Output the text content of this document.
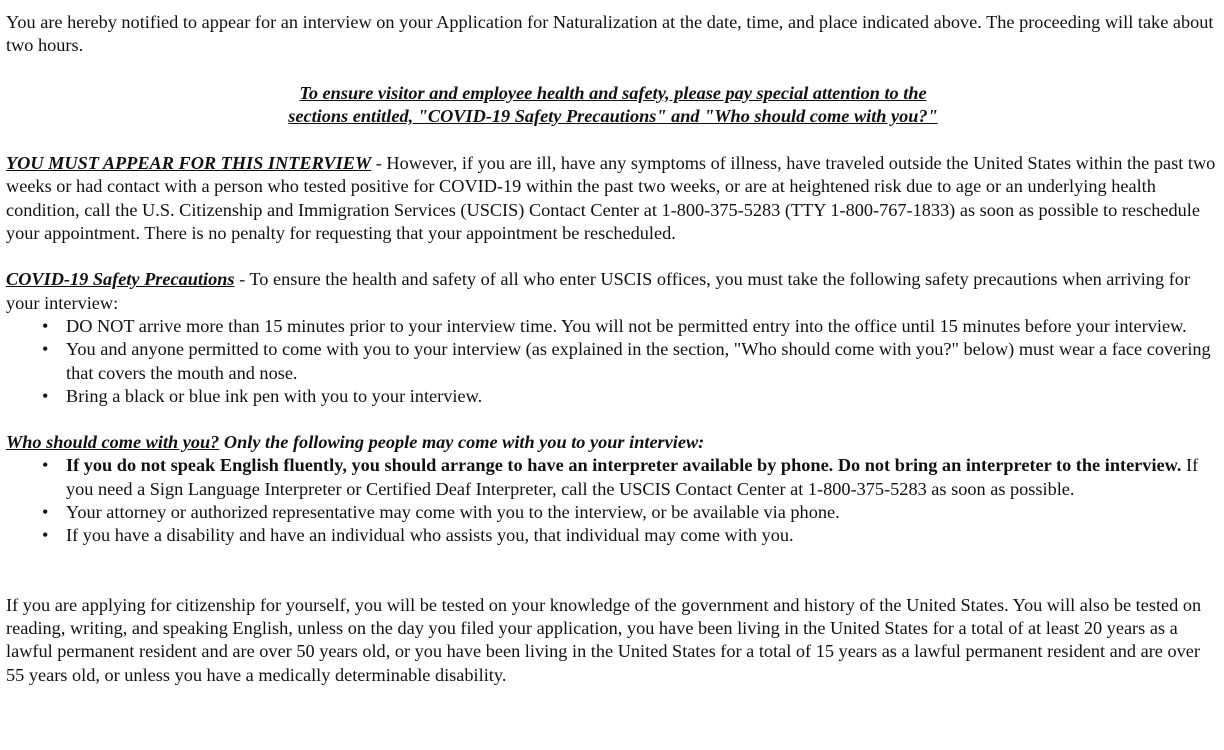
You are hereby notified to appear for an interview on your Application for Naturalization at the date, time, and place indicated above. The proceeding will take about two hours.

To ensure visitor and employee health and safety, please pay special attention to the
sections entitled, "COVID-19 Safety Precautions" and "Who should come with you?"

YOU MUST APPEAR FOR THIS INTERVIEW - However, if you are ill, have any symptoms of illness, have traveled outside the United States within the past two weeks or had contact with a person who tested positive for COVID-19 within the past two weeks, or are at heightened risk due to age or an underlying health condition, call the U.S. Citizenship and Immigration Services (USCIS) Contact Center at 1-800-375-5283 (TTY 1-800-767-1833) as soon as possible to reschedule your appointment. There is no penalty for requesting that your appointment be rescheduled.

COVID-19 Safety Precautions - To ensure the health and safety of all who enter USCIS offices, you must take the following safety precautions when arriving for your interview:

• DO NOT arrive more than 15 minutes prior to your interview time. You will not be permitted entry into the office until 15 minutes before your interview.
• You and anyone permitted to come with you to your interview (as explained in the section, "Who should come with you?" below) must wear a face covering that covers the mouth and nose.
• Bring a black or blue ink pen with you to your interview.

Who should come with you? Only the following people may come with you to your interview:

• If you do not speak English fluently, you should arrange to have an interpreter available by phone. Do not bring an interpreter to the interview. If you need a Sign Language Interpreter or Certified Deaf Interpreter, call the USCIS Contact Center at 1-800-375-5283 as soon as possible.
• Your attorney or authorized representative may come with you to the interview, or be available via phone.
• If you have a disability and have an individual who assists you, that individual may come with you.

If you are applying for citizenship for yourself, you will be tested on your knowledge of the government and history of the United States. You will also be tested on reading, writing, and speaking English, unless on the day you filed your application, you have been living in the United States for a total of at least 20 years as a lawful permanent resident and are over 50 years old, or you have been living in the United States for a total of 15 years as a lawful permanent resident and are over 55 years old, or unless you have a medically determinable disability.
